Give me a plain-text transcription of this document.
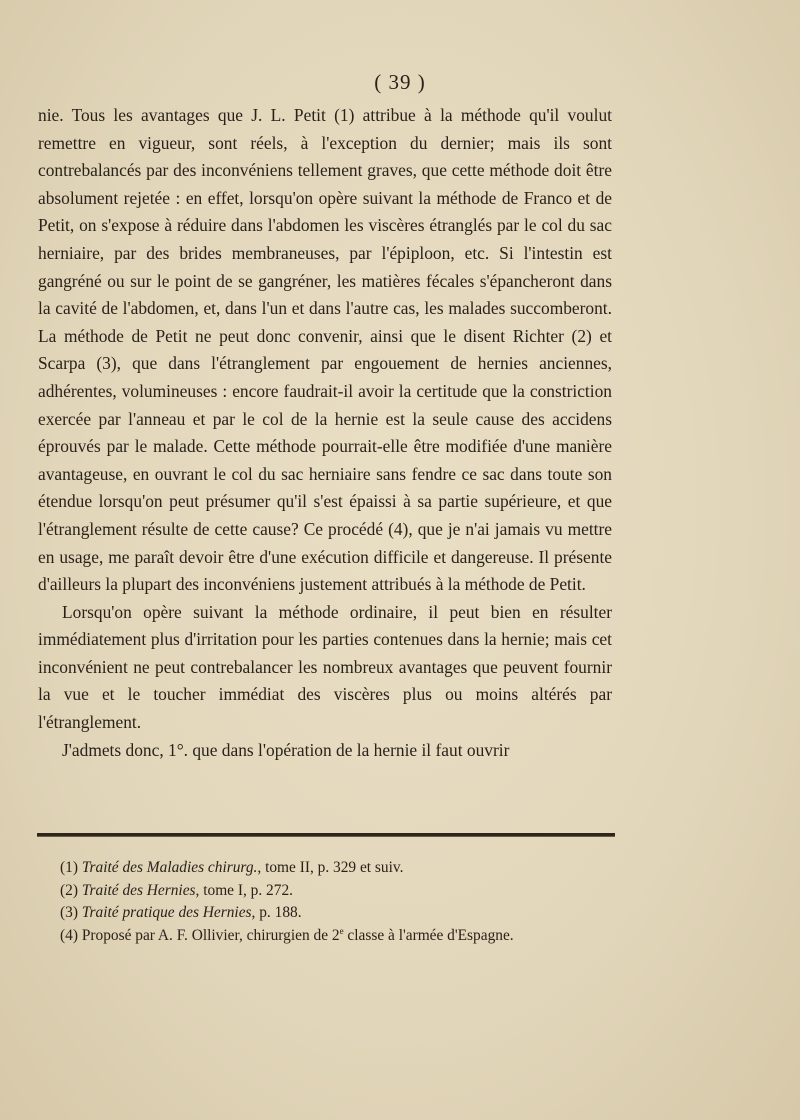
( 39 )

nie. Tous les avantages que J. L. Petit (1) attribue à la méthode qu'il voulut remettre en vigueur, sont réels, à l'exception du dernier; mais ils sont contrebalancés par des inconvéniens tellement graves, que cette méthode doit être absolument rejetée : en effet, lorsqu'on opère suivant la méthode de Franco et de Petit, on s'expose à réduire dans l'abdomen les viscères étranglés par le col du sac herniaire, par des brides membraneuses, par l'épiploon, etc. Si l'intestin est gangréné ou sur le point de se gangréner, les matières fécales s'épancheront dans la cavité de l'abdomen, et, dans l'un et dans l'autre cas, les malades succomberont. La méthode de Petit ne peut donc convenir, ainsi que le disent Richter (2) et Scarpa (3), que dans l'étranglement par engouement de hernies anciennes, adhérentes, volumineuses : encore faudrait-il avoir la certitude que la constriction exercée par l'anneau et par le col de la hernie est la seule cause des accidens éprouvés par le malade. Cette méthode pourrait-elle être modifiée d'une manière avantageuse, en ouvrant le col du sac herniaire sans fendre ce sac dans toute son étendue lorsqu'on peut présumer qu'il s'est épaissi à sa partie supérieure, et que l'étranglement résulte de cette cause? Ce procédé (4), que je n'ai jamais vu mettre en usage, me paraît devoir être d'une exécution difficile et dangereuse. Il présente d'ailleurs la plupart des inconvéniens justement attribués à la méthode de Petit.

Lorsqu'on opère suivant la méthode ordinaire, il peut bien en résulter immédiatement plus d'irritation pour les parties contenues dans la hernie; mais cet inconvénient ne peut contrebalancer les nombreux avantages que peuvent fournir la vue et le toucher immédiat des viscères plus ou moins altérés par l'étranglement.

J'admets donc, 1°. que dans l'opération de la hernie il faut ouvrir

(1) Traité des Maladies chirurg., tome II, p. 329 et suiv.
(2) Traité des Hernies, tome I, p. 272.
(3) Traité pratique des Hernies, p. 188.
(4) Proposé par A. F. Ollivier, chirurgien de 2e classe à l'armée d'Espagne.
